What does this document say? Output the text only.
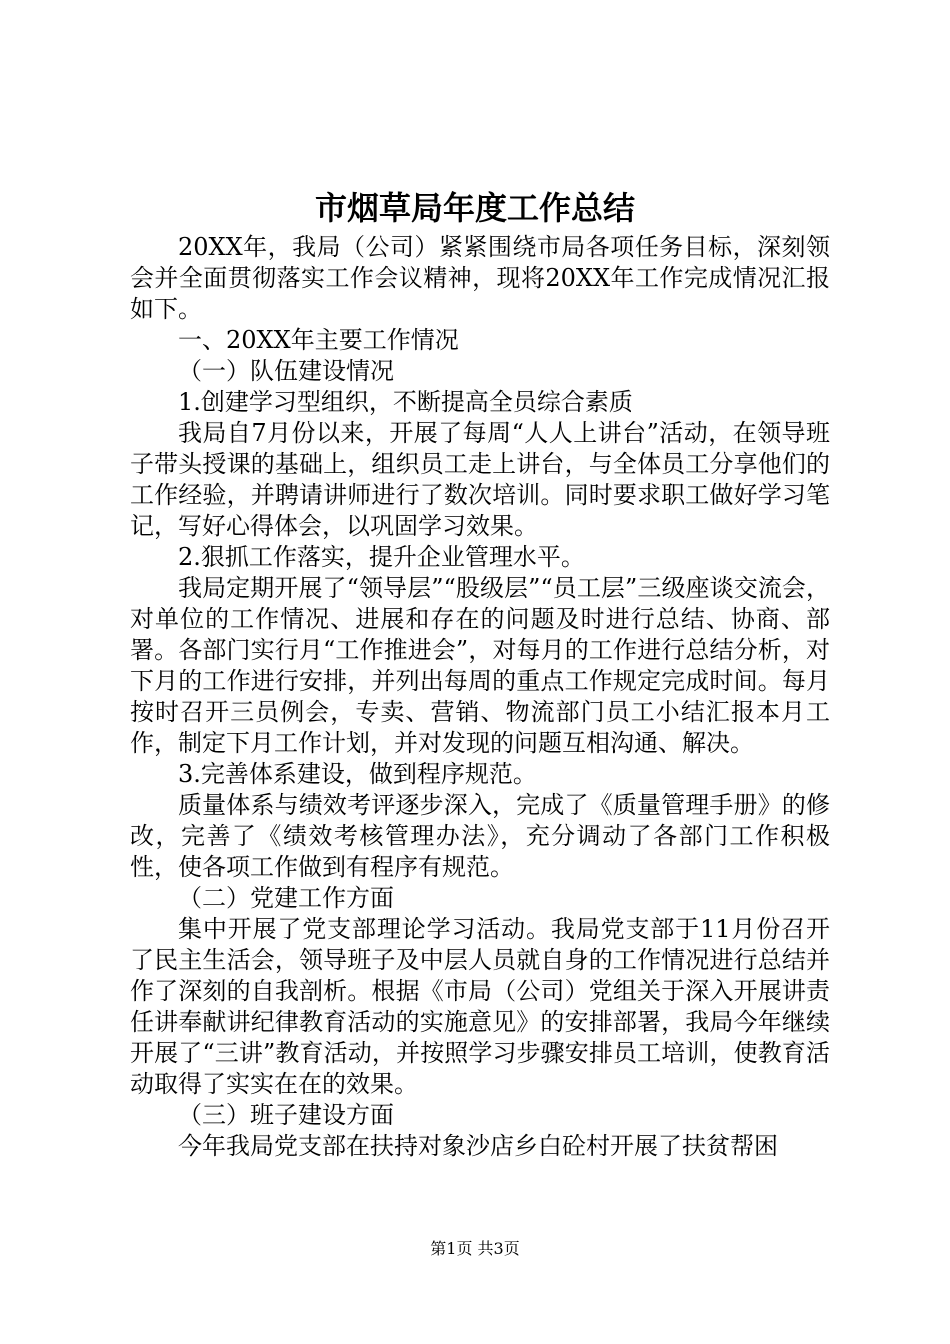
市烟草局年度工作总结

20XX年，我局（公司）紧紧围绕市局各项任务目标，深刻领会并全面贯彻落实工作会议精神，现将20XX年工作完成情况汇报如下。

一、20XX年主要工作情况

（一）队伍建设情况

1.创建学习型组织，不断提高全员综合素质

我局自7月份以来，开展了每周“人人上讲台”活动，在领导班子带头授课的基础上，组织员工走上讲台，与全体员工分享他们的工作经验，并聘请讲师进行了数次培训。同时要求职工做好学习笔记，写好心得体会，以巩固学习效果。

2.狠抓工作落实，提升企业管理水平。

我局定期开展了“领导层”“股级层”“员工层”三级座谈交流会，对单位的工作情况、进展和存在的问题及时进行总结、协商、部署。各部门实行月“工作推进会”，对每月的工作进行总结分析，对下月的工作进行安排，并列出每周的重点工作规定完成时间。每月按时召开三员例会，专卖、营销、物流部门员工小结汇报本月工作，制定下月工作计划，并对发现的问题互相沟通、解决。

3.完善体系建设，做到程序规范。

质量体系与绩效考评逐步深入，完成了《质量管理手册》的修改，完善了《绩效考核管理办法》，充分调动了各部门工作积极性，使各项工作做到有程序有规范。

（二）党建工作方面

集中开展了党支部理论学习活动。我局党支部于11月份召开了民主生活会，领导班子及中层人员就自身的工作情况进行总结并作了深刻的自我剖析。根据《市局（公司）党组关于深入开展讲责任讲奉献讲纪律教育活动的实施意见》的安排部署，我局今年继续开展了“三讲”教育活动，并按照学习步骤安排员工培训，使教育活动取得了实实在在的效果。

（三）班子建设方面

今年我局党支部在扶持对象沙店乡白砼村开展了扶贫帮困

第1页 共3页
